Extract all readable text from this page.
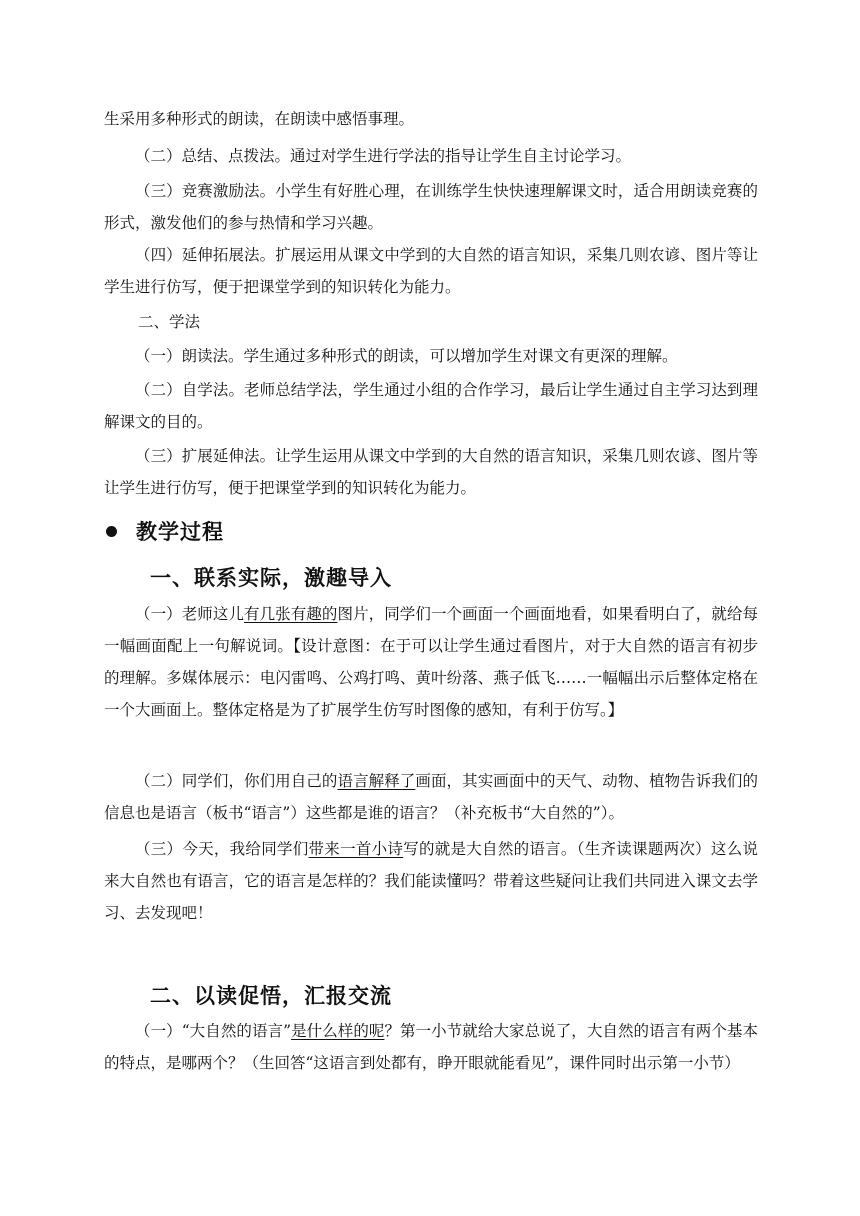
生采用多种形式的朗读，在朗读中感悟事理。

（二）总结、点拨法。通过对学生进行学法的指导让学生自主讨论学习。

（三）竞赛激励法。小学生有好胜心理，在训练学生快快速理解课文时，适合用朗读竞赛的形式，激发他们的参与热情和学习兴趣。

（四）延伸拓展法。扩展运用从课文中学到的大自然的语言知识，采集几则农谚、图片等让学生进行仿写，便于把课堂学到的知识转化为能力。

二、学法

（一）朗读法。学生通过多种形式的朗读，可以增加学生对课文有更深的理解。

（二）自学法。老师总结学法，学生通过小组的合作学习，最后让学生通过自主学习达到理解课文的目的。

（三）扩展延伸法。让学生运用从课文中学到的大自然的语言知识，采集几则农谚、图片等让学生进行仿写，便于把课堂学到的知识转化为能力。

教学过程
一、联系实际，激趣导入

（一）老师这儿有几张有趣的图片，同学们一个画面一个画面地看，如果看明白了，就给每一幅画面配上一句解说词。【设计意图：在于可以让学生通过看图片，对于大自然的语言有初步的理解。多媒体展示：电闪雷鸣、公鸡打鸣、黄叶纷落、燕子低飞……一幅幅出示后整体定格在一个大画面上。整体定格是为了扩展学生仿写时图像的感知，有利于仿写。】

（二）同学们，你们用自己的语言解释了画面，其实画面中的天气、动物、植物告诉我们的信息也是语言（板书“语言”）这些都是谁的语言？（补充板书“大自然的”）。

（三）今天，我给同学们带来一首小诗写的就是大自然的语言。（生齐读课题两次）这么说来大自然也有语言，它的语言是怎样的？我们能读懂吗？带着这些疑问让我们共同进入课文去学习、去发现吧！

二、以读促悟，汇报交流

（一）“大自然的语言”是什么样的呢？第一小节就给大家总说了，大自然的语言有两个基本的特点，是哪两个？（生回答“这语言到处都有，睁开眼就能看见”，课件同时出示第一小节）
